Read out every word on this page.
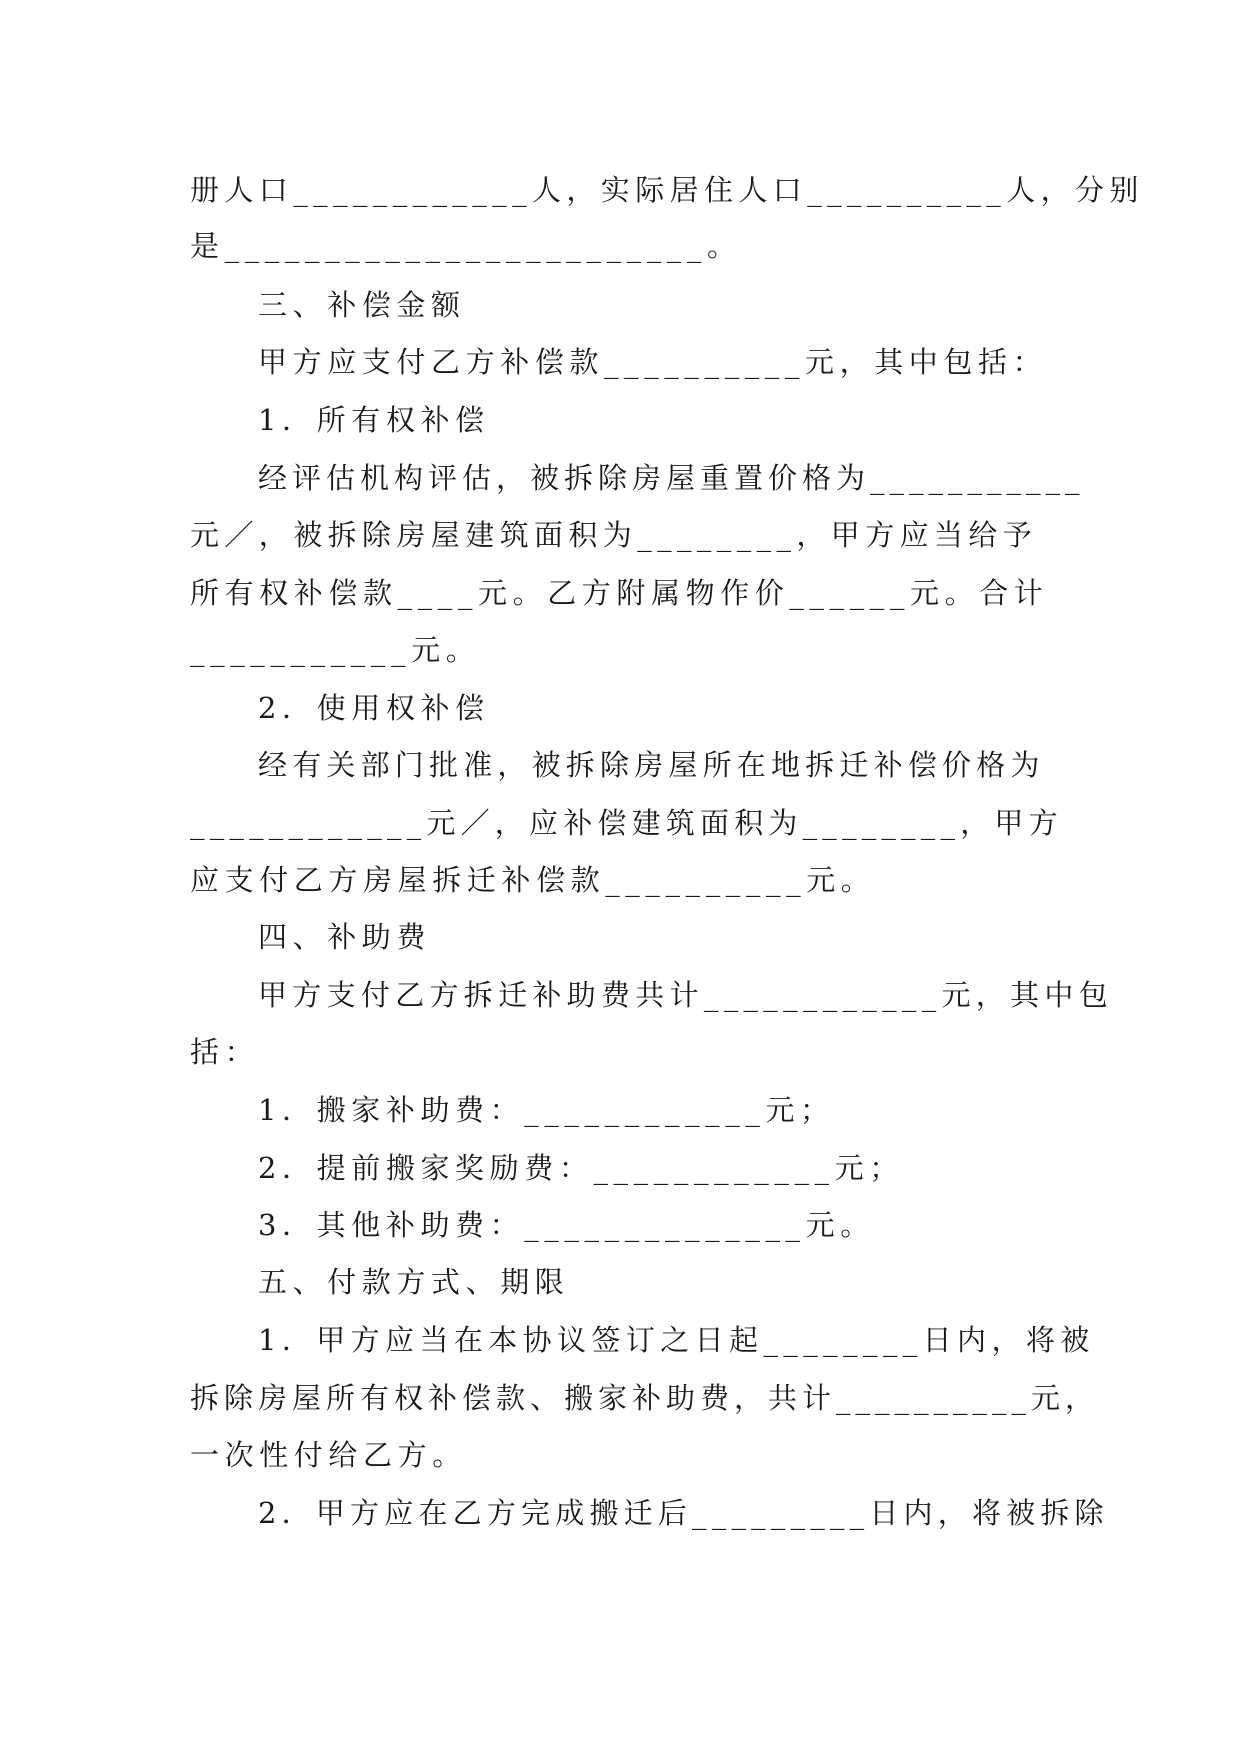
册人口____________人，实际居住人口__________人，分别
是________________________。
三、补偿金额
甲方应支付乙方补偿款__________元，其中包括：
1．所有权补偿
经评估机构评估，被拆除房屋重置价格为___________
元／，被拆除房屋建筑面积为________，甲方应当给予
所有权补偿款____元。乙方附属物作价______元。合计
___________元。
2．使用权补偿
经有关部门批准，被拆除房屋所在地拆迁补偿价格为
____________元／，应补偿建筑面积为________，甲方
应支付乙方房屋拆迁补偿款__________元。
四、补助费
甲方支付乙方拆迁补助费共计____________元，其中包
括：
1．搬家补助费：____________元；
2．提前搬家奖励费：____________元；
3．其他补助费：______________元。
五、付款方式、期限
1．甲方应当在本协议签订之日起________日内，将被
拆除房屋所有权补偿款、搬家补助费，共计__________元，
一次性付给乙方。
2．甲方应在乙方完成搬迁后_________日内，将被拆除
